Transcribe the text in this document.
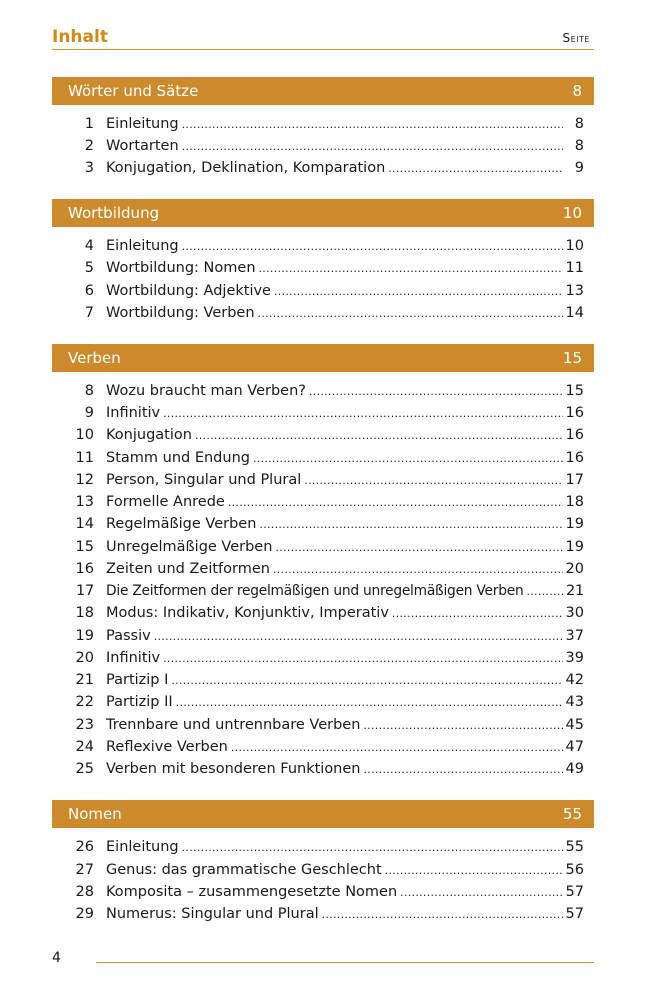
Inhalt	Seite
Wörter und Sätze	8
1 Einleitung . . .	8
2 Wortarten . . .	8
3 Konjugation, Deklination, Komparation . . .	9
Wortbildung	10
4 Einleitung . . .	10
5 Wortbildung: Nomen . . .	11
6 Wortbildung: Adjektive . . .	13
7 Wortbildung: Verben . . .	14
Verben	15
8 Wozu braucht man Verben? . . .	15
9 Infinitiv . . .	16
10 Konjugation . . .	16
11 Stamm und Endung . . .	16
12 Person, Singular und Plural . . .	17
13 Formelle Anrede . . .	18
14 Regelmäßige Verben . . .	19
15 Unregelmäßige Verben . . .	19
16 Zeiten und Zeitformen . . .	20
17 Die Zeitformen der regelmäßigen und unregelmäßigen Verben . . .	21
18 Modus: Indikativ, Konjunktiv, Imperativ . . .	30
19 Passiv . . .	37
20 Infinitiv . . .	39
21 Partizip I . . .	42
22 Partizip II . . .	43
23 Trennbare und untrennbare Verben . . .	45
24 Reflexive Verben . . .	47
25 Verben mit besonderen Funktionen . . .	49
Nomen	55
26 Einleitung . . .	55
27 Genus: das grammatische Geschlecht . . .	56
28 Komposita – zusammengesetzte Nomen . . .	57
29 Numerus: Singular und Plural . . .	57
4
